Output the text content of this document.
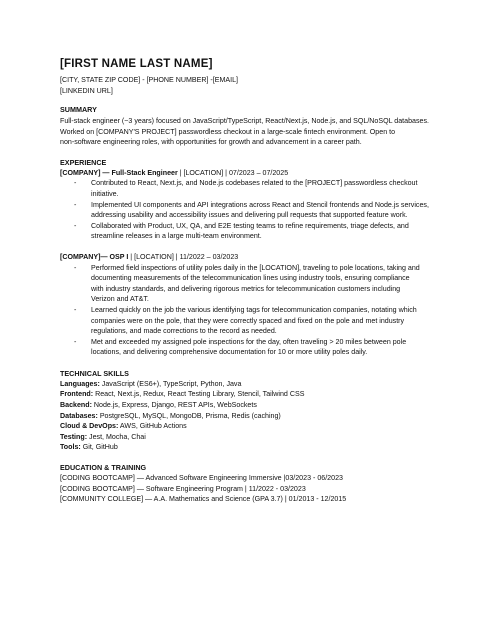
[FIRST NAME LAST NAME]
[CITY, STATE ZIP CODE] - [PHONE NUMBER] -[EMAIL]
[LINKEDIN URL]
SUMMARY
Full-stack engineer (~3 years) focused on JavaScript/TypeScript, React/Next.js, Node.js, and SQL/NoSQL databases.
Worked on [COMPANY'S PROJECT] passwordless checkout in a large-scale fintech environment. Open to
non-software engineering roles, with opportunities for growth and advancement in a career path.
EXPERIENCE
[COMPANY] — Full-Stack Engineer | [LOCATION] | 07/2023 – 07/2025
- Contributed to React, Next.js, and Node.js codebases related to the [PROJECT] passwordless checkout
initiative.
- Implemented UI components and API integrations across React and Stencil frontends and Node.js services,
addressing usability and accessibility issues and delivering pull requests that supported feature work.
- Collaborated with Product, UX, QA, and E2E testing teams to refine requirements, triage defects, and
streamline releases in a large multi-team environment.
[COMPANY]— OSP I | [LOCATION] | 11/2022 – 03/2023
- Performed field inspections of utility poles daily in the [LOCATION], traveling to pole locations, taking and
documenting measurements of the telecommunication lines using industry tools, ensuring compliance
with industry standards, and delivering rigorous metrics for telecommunication customers including
Verizon and AT&T.
- Learned quickly on the job the various identifying tags for telecommunication companies, notating which
companies were on the pole, that they were correctly spaced and fixed on the pole and met industry
regulations, and made corrections to the record as needed.
- Met and exceeded my assigned pole inspections for the day, often traveling > 20 miles between pole
locations, and delivering comprehensive documentation for 10 or more utility poles daily.
TECHNICAL SKILLS
Languages: JavaScript (ES6+), TypeScript, Python, Java
Frontend: React, Next.js, Redux, React Testing Library, Stencil, Tailwind CSS
Backend: Node.js, Express, Django, REST APIs, WebSockets
Databases: PostgreSQL, MySQL, MongoDB, Prisma, Redis (caching)
Cloud & DevOps: AWS, GitHub Actions
Testing: Jest, Mocha, Chai
Tools: Git, GitHub
EDUCATION & TRAINING
[CODING BOOTCAMP] — Advanced Software Engineering Immersive |03/2023 - 06/2023
[CODING BOOTCAMP] — Software Engineering Program | 11/2022 - 03/2023
[COMMUNITY COLLEGE] — A.A. Mathematics and Science (GPA 3.7) | 01/2013 - 12/2015
